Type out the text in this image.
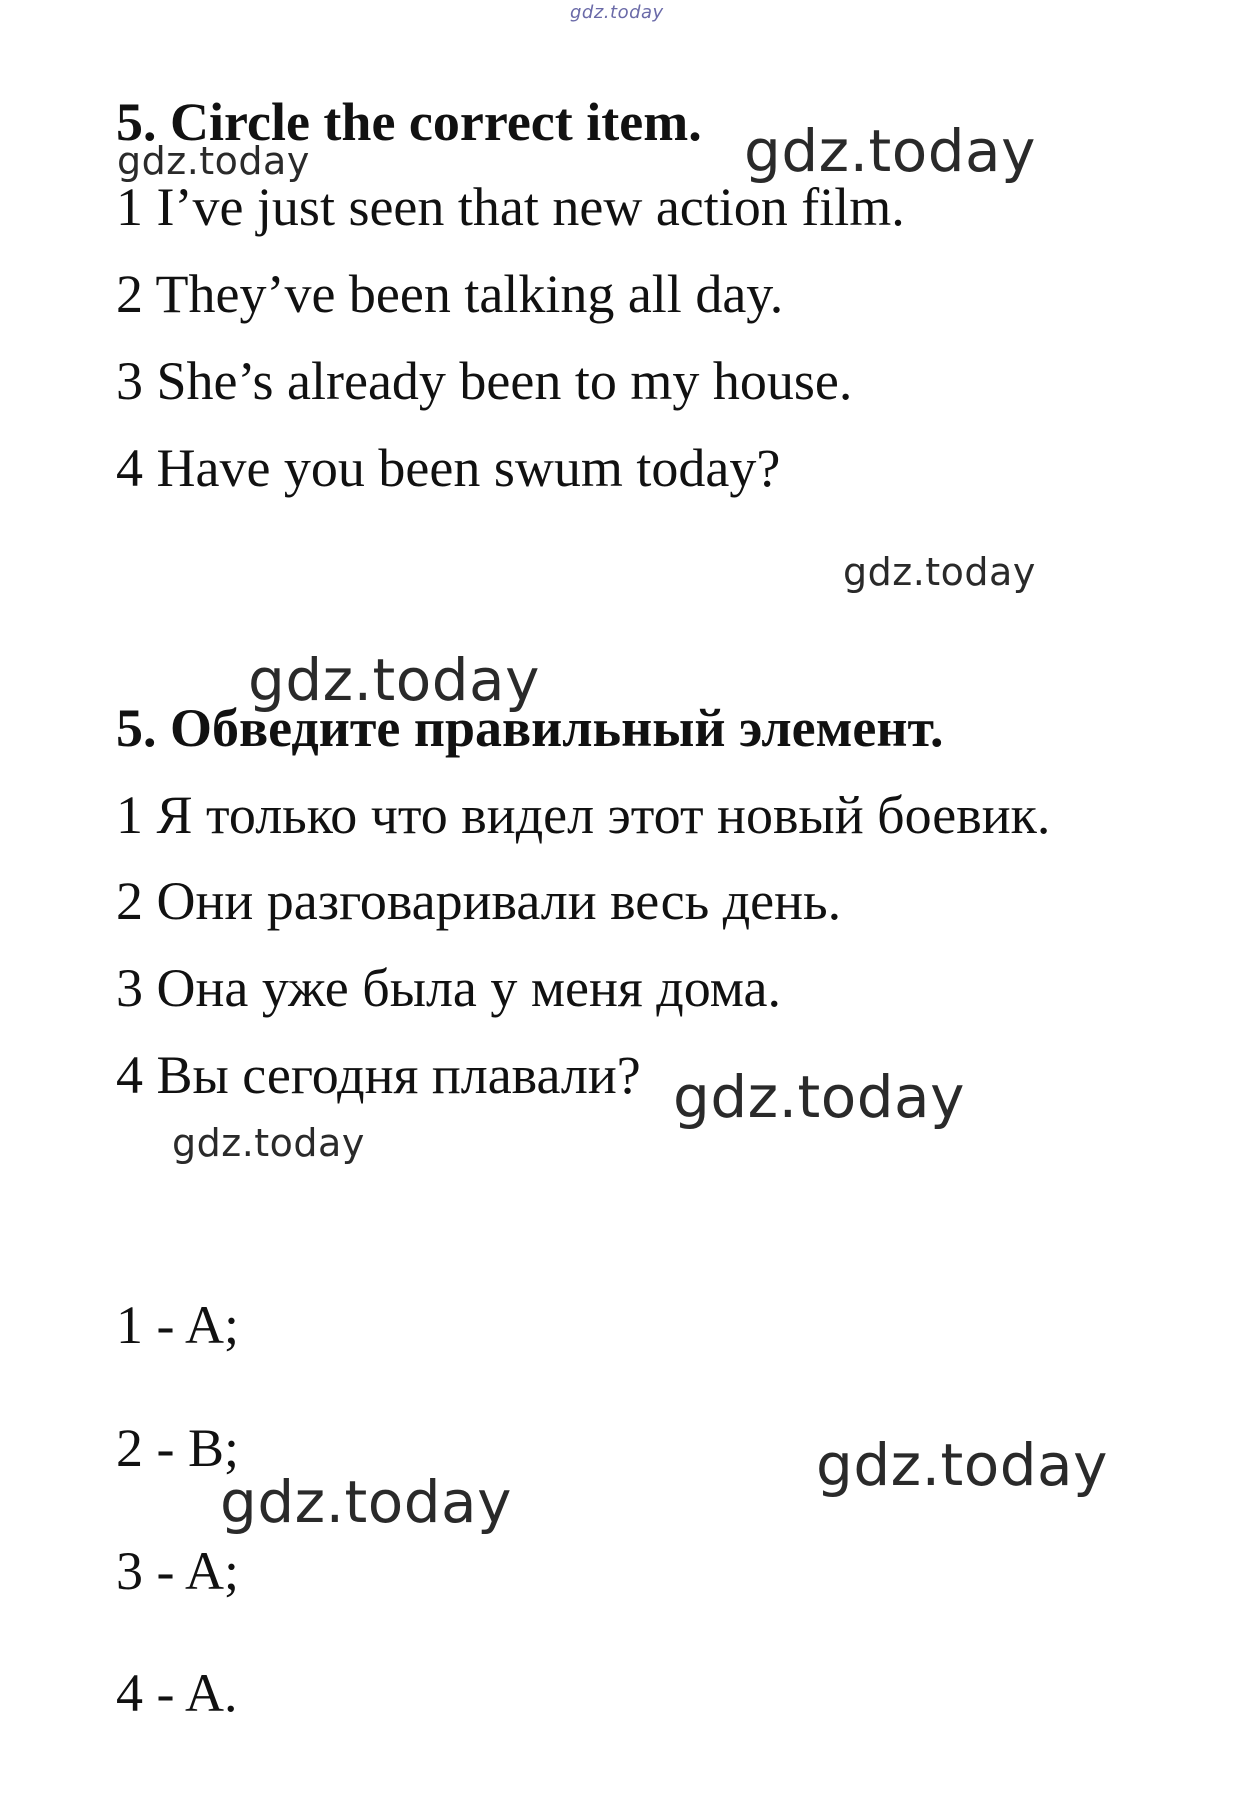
gdz.today
5. Circle the correct item.
1 I’ve just seen that new action film.
2 They’ve been talking all day.
3 She’s already been to my house.
4 Have you been swum today?
5. Обведите правильный элемент.
1 Я только что видел этот новый боевик.
2 Они разговаривали весь день.
3 Она уже была у меня дома.
4 Вы сегодня плавали?
1 - A;
2 - B;
3 - A;
4 - A.
gdz.today	gdz.today
gdz.today
gdz.today
gdz.today
gdz.today
gdz.today
gdz.today
